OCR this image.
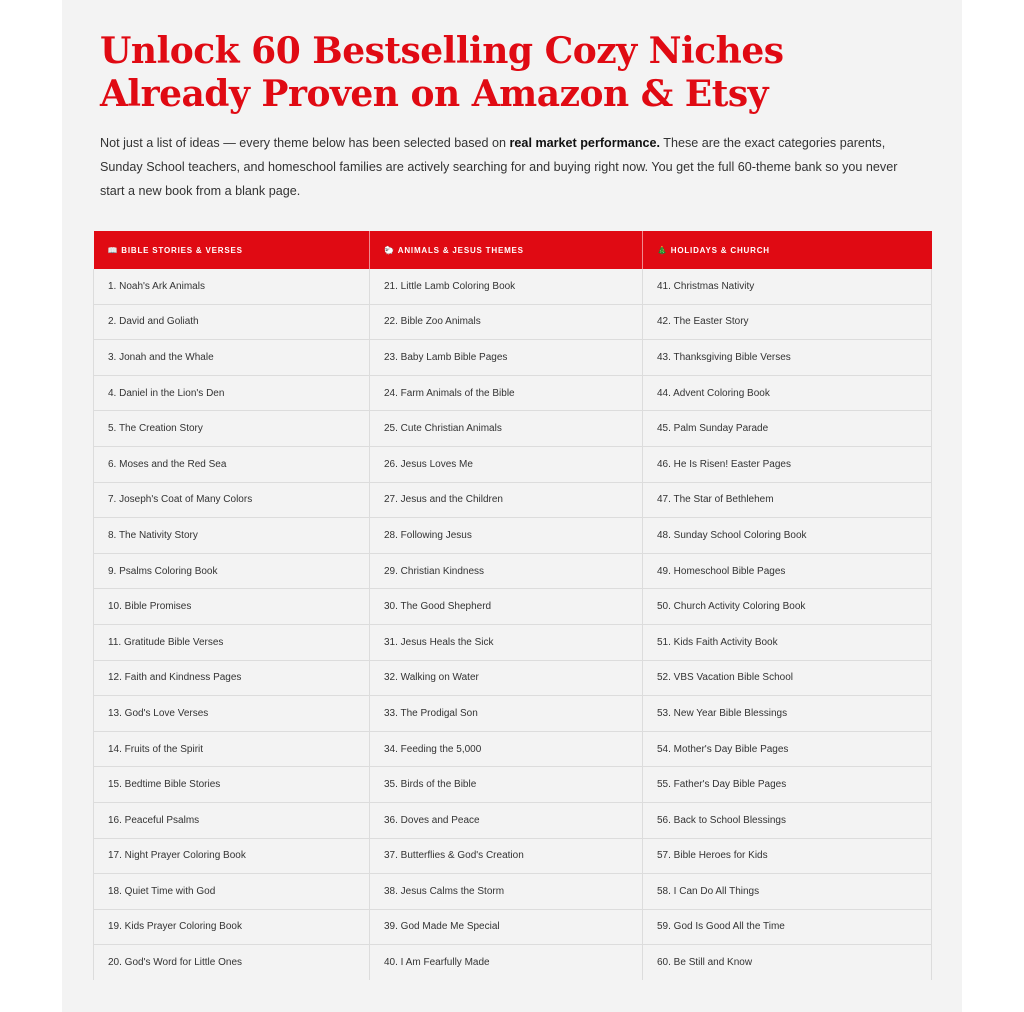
Unlock 60 Bestselling Cozy Niches Already Proven on Amazon & Etsy

Not just a list of ideas — every theme below has been selected based on real market performance. These are the exact categories parents, Sunday School teachers, and homeschool families are actively searching for and buying right now. You get the full 60-theme bank so you never start a new book from a blank page.

📖 BIBLE STORIES & VERSES	🐑 ANIMALS & JESUS THEMES	🎄 HOLIDAYS & CHURCH
1. Noah's Ark Animals	21. Little Lamb Coloring Book	41. Christmas Nativity
2. David and Goliath	22. Bible Zoo Animals	42. The Easter Story
3. Jonah and the Whale	23. Baby Lamb Bible Pages	43. Thanksgiving Bible Verses
4. Daniel in the Lion's Den	24. Farm Animals of the Bible	44. Advent Coloring Book
5. The Creation Story	25. Cute Christian Animals	45. Palm Sunday Parade
6. Moses and the Red Sea	26. Jesus Loves Me	46. He Is Risen! Easter Pages
7. Joseph's Coat of Many Colors	27. Jesus and the Children	47. The Star of Bethlehem
8. The Nativity Story	28. Following Jesus	48. Sunday School Coloring Book
9. Psalms Coloring Book	29. Christian Kindness	49. Homeschool Bible Pages
10. Bible Promises	30. The Good Shepherd	50. Church Activity Coloring Book
11. Gratitude Bible Verses	31. Jesus Heals the Sick	51. Kids Faith Activity Book
12. Faith and Kindness Pages	32. Walking on Water	52. VBS Vacation Bible School
13. God's Love Verses	33. The Prodigal Son	53. New Year Bible Blessings
14. Fruits of the Spirit	34. Feeding the 5,000	54. Mother's Day Bible Pages
15. Bedtime Bible Stories	35. Birds of the Bible	55. Father's Day Bible Pages
16. Peaceful Psalms	36. Doves and Peace	56. Back to School Blessings
17. Night Prayer Coloring Book	37. Butterflies & God's Creation	57. Bible Heroes for Kids
18. Quiet Time with God	38. Jesus Calms the Storm	58. I Can Do All Things
19. Kids Prayer Coloring Book	39. God Made Me Special	59. God Is Good All the Time
20. God's Word for Little Ones	40. I Am Fearfully Made	60. Be Still and Know
